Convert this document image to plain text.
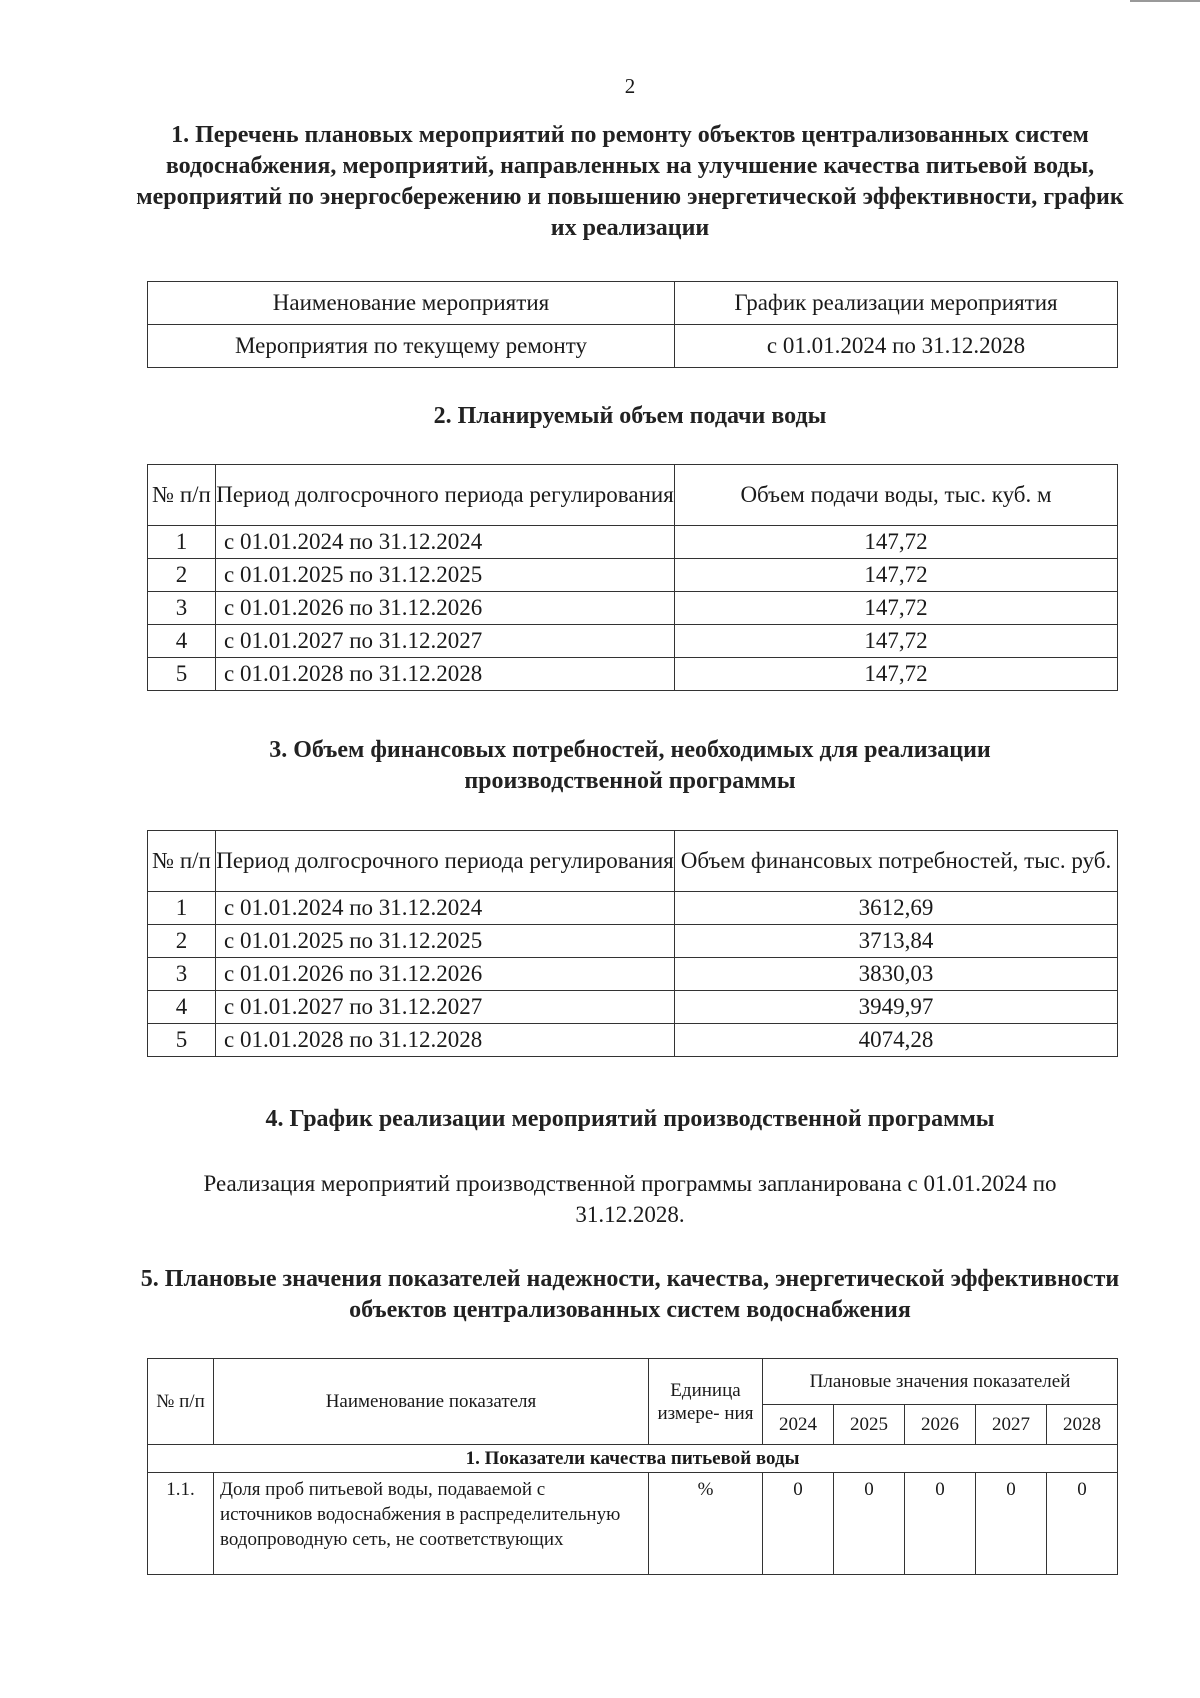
2
1. Перечень плановых мероприятий по ремонту объектов централизованных систем водоснабжения, мероприятий, направленных на улучшение качества питьевой воды, мероприятий по энергосбережению и повышению энергетической эффективности, график их реализации
Наименование мероприятия	График реализации мероприятия
Мероприятия по текущему ремонту	с 01.01.2024 по 31.12.2028
2. Планируемый объем подачи воды
№ п/п	Период долгосрочного периода регулирования	Объем подачи воды, тыс. куб. м
1	с 01.01.2024 по 31.12.2024	147,72
2	с 01.01.2025 по 31.12.2025	147,72
3	с 01.01.2026 по 31.12.2026	147,72
4	с 01.01.2027 по 31.12.2027	147,72
5	с 01.01.2028 по 31.12.2028	147,72
3. Объем финансовых потребностей, необходимых для реализации производственной программы
№ п/п	Период долгосрочного периода регулирования	Объем финансовых потребностей, тыс. руб.
1	с 01.01.2024 по 31.12.2024	3612,69
2	с 01.01.2025 по 31.12.2025	3713,84
3	с 01.01.2026 по 31.12.2026	3830,03
4	с 01.01.2027 по 31.12.2027	3949,97
5	с 01.01.2028 по 31.12.2028	4074,28
4. График реализации мероприятий производственной программы
Реализация мероприятий производственной программы запланирована с 01.01.2024 по 31.12.2028.
5. Плановые значения показателей надежности, качества, энергетической эффективности объектов централизованных систем водоснабжения
№ п/п	Наименование показателя	Единица измере- ния	Плановые значения показателей				
			2024	2025	2026	2027	2028
1. Показатели качества питьевой воды							
1.1.	Доля проб питьевой воды, подаваемой с источников водоснабжения в распределительную водопроводную сеть, не соответствующих	%	0	0	0	0	0
